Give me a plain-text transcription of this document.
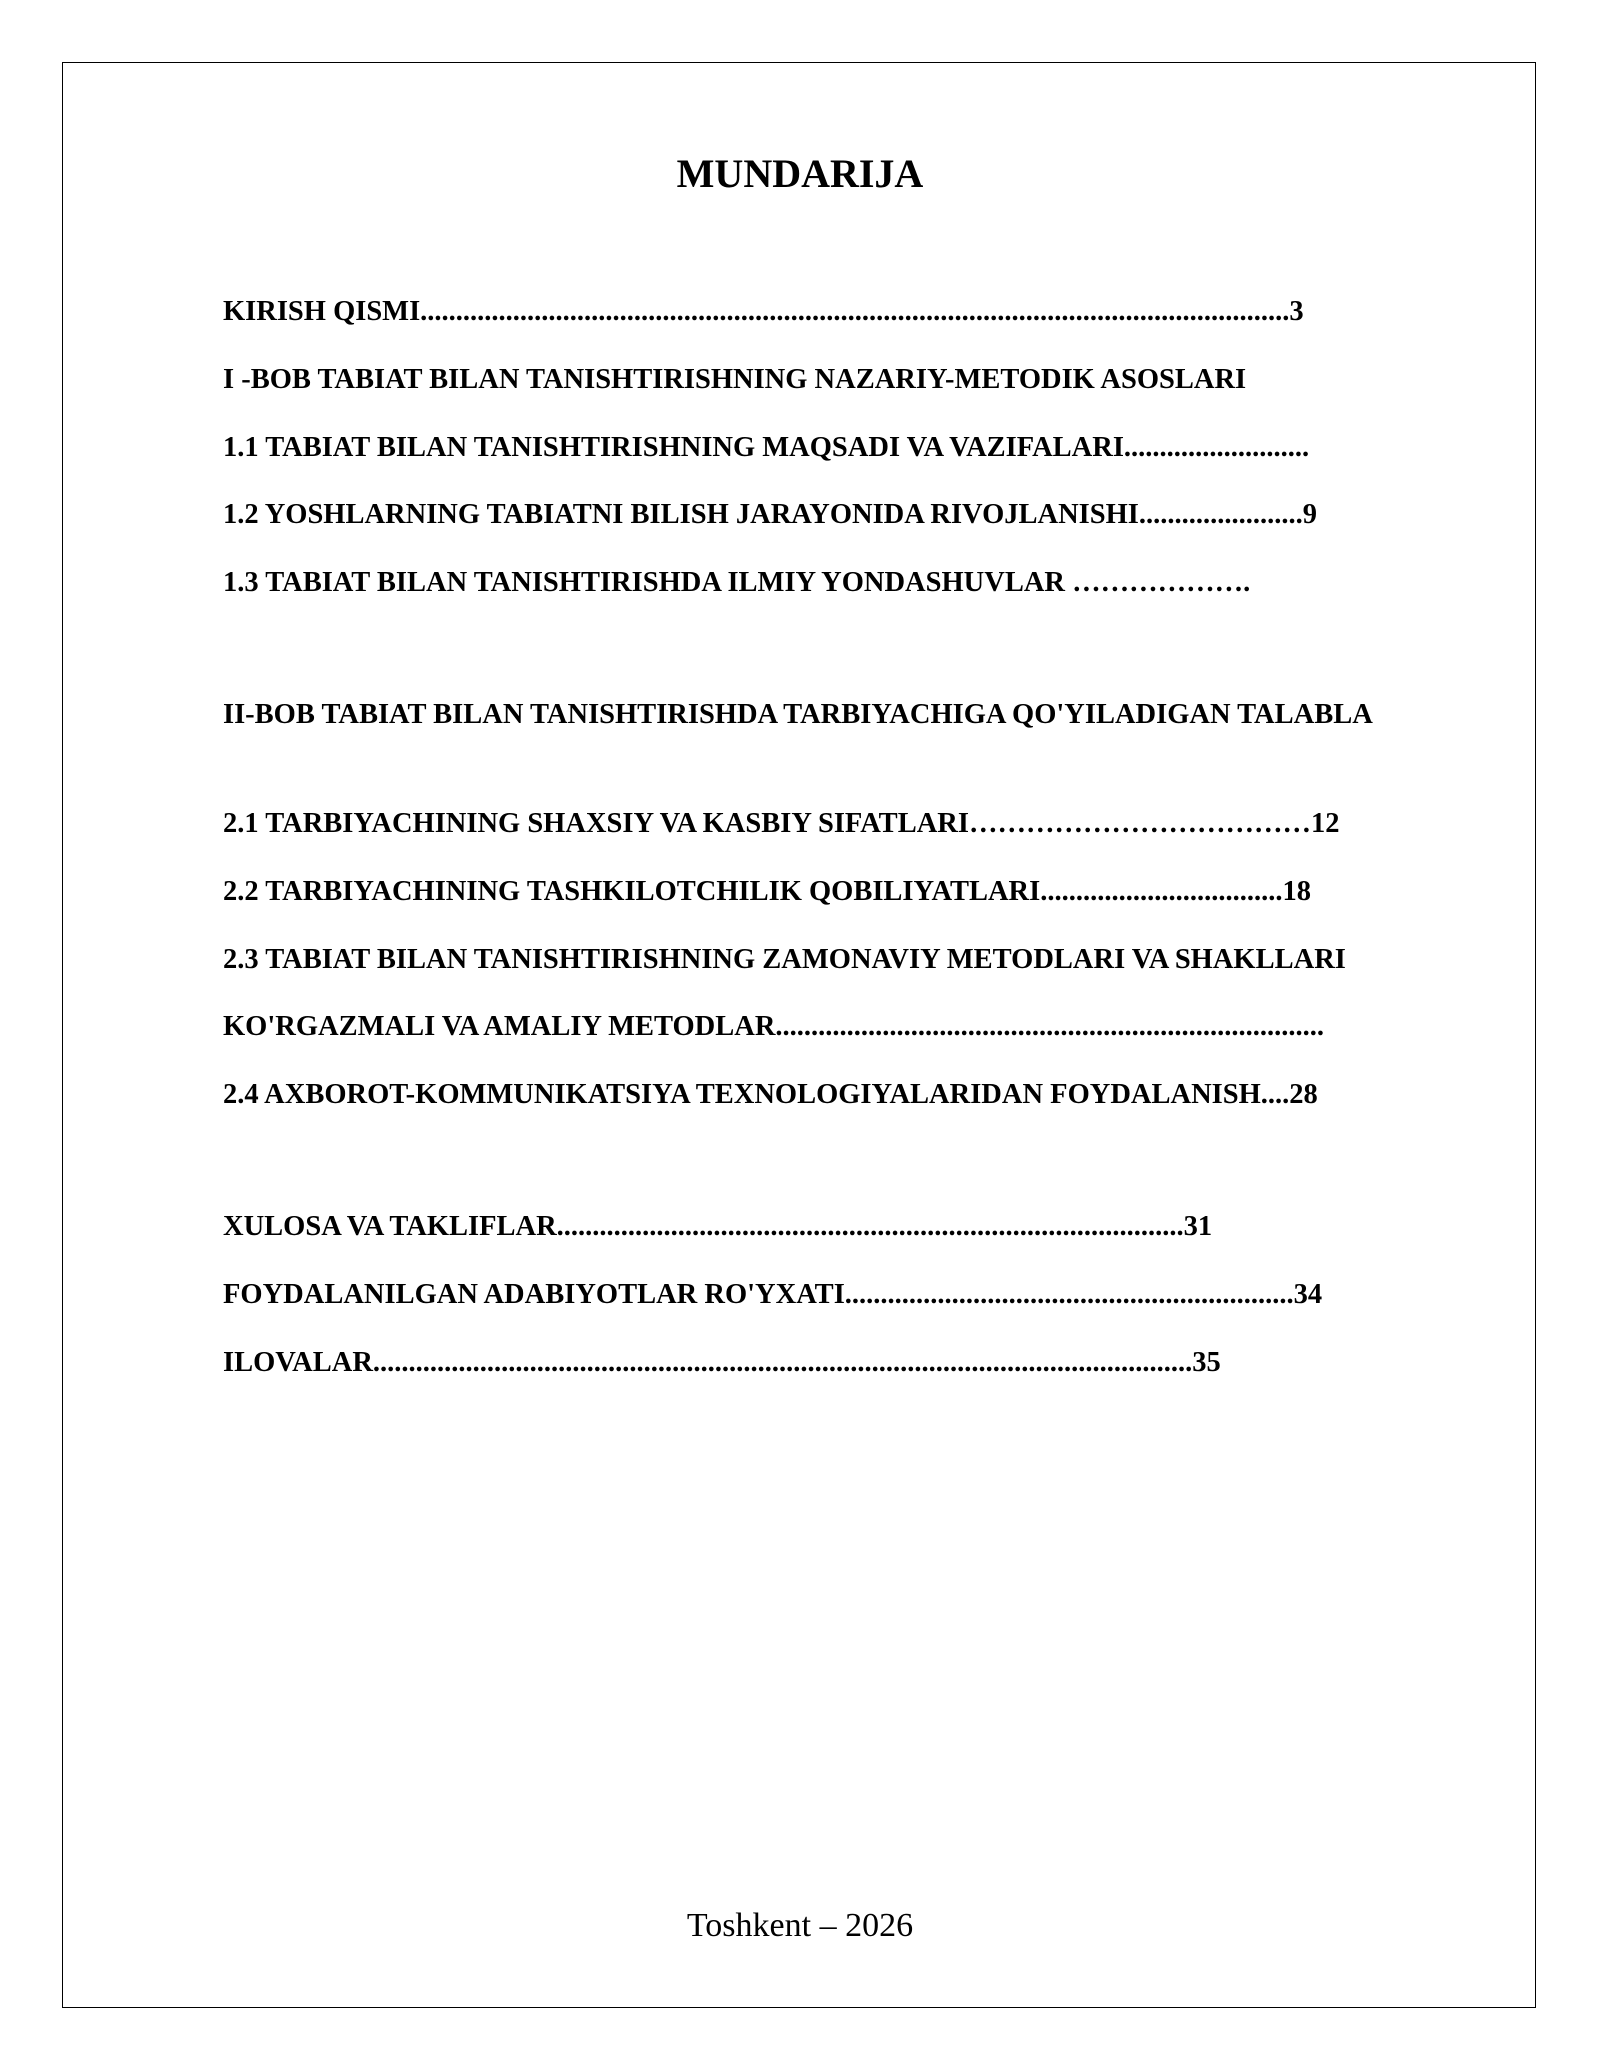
MUNDARIJA
KIRISH QISMI..........................................................................................................................3
I -BOB TABIAT BILAN TANISHTIRISHNING NAZARIY-METODIK ASOSLARI
1.1 TABIAT BILAN TANISHTIRISHNING MAQSADI VA VAZIFALARI..........................
1.2 YOSHLARNING TABIATNI BILISH JARAYONIDA RIVOJLANISHI.......................9
1.3 TABIAT BILAN TANISHTIRISHDA ILMIY YONDASHUVLAR ……………….
II-BOB TABIAT BILAN TANISHTIRISHDA TARBIYACHIGA QO'YILADIGAN TALABLA
2.1 TARBIYACHINING SHAXSIY VA KASBIY SIFATLARI………………………………12
2.2 TARBIYACHINING TASHKILOTCHILIK QOBILIYATLARI..................................18
2.3 TABIAT BILAN TANISHTIRISHNING ZAMONAVIY METODLARI VA SHAKLLARI
KO'RGAZMALI VA AMALIY METODLAR.............................................................................
2.4 AXBOROT-KOMMUNIKATSIYA TEXNOLOGIYALARIDAN FOYDALANISH....28
XULOSA VA TAKLIFLAR........................................................................................31
FOYDALANILGAN ADABIYOTLAR RO'YXATI...............................................................34
ILOVALAR...................................................................................................................35
Toshkent – 2026
